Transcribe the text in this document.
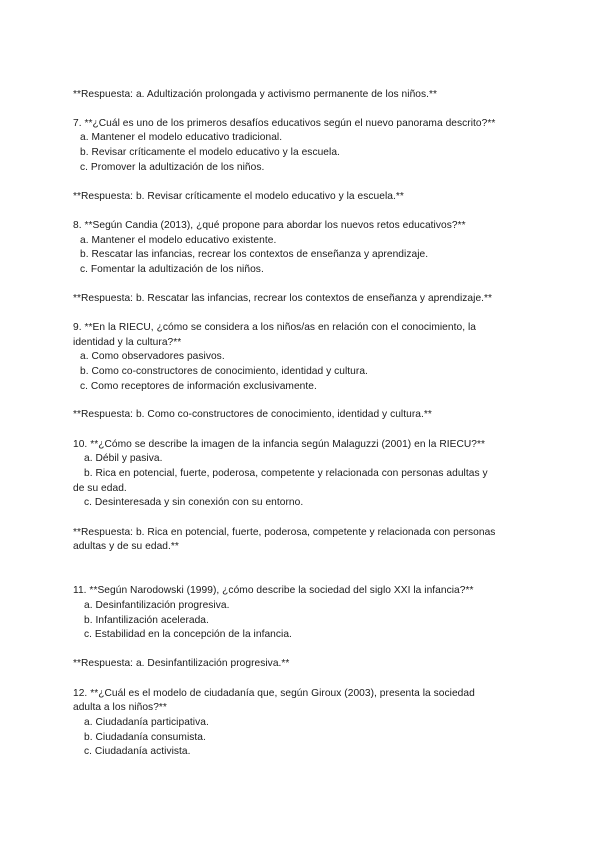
**Respuesta: a. Adultización prolongada y activismo permanente de los niños.**
7. **¿Cuál es uno de los primeros desafíos educativos según el nuevo panorama descrito?**
a. Mantener el modelo educativo tradicional.
b. Revisar críticamente el modelo educativo y la escuela.
c. Promover la adultización de los niños.
**Respuesta: b. Revisar críticamente el modelo educativo y la escuela.**
8. **Según Candia (2013), ¿qué propone para abordar los nuevos retos educativos?**
a. Mantener el modelo educativo existente.
b. Rescatar las infancias, recrear los contextos de enseñanza y aprendizaje.
c. Fomentar la adultización de los niños.
**Respuesta: b. Rescatar las infancias, recrear los contextos de enseñanza y aprendizaje.**
9. **En la RIECU, ¿cómo se considera a los niños/as en relación con el conocimiento, la
identidad y la cultura?**
a. Como observadores pasivos.
b. Como co-constructores de conocimiento, identidad y cultura.
c. Como receptores de información exclusivamente.
**Respuesta: b. Como co-constructores de conocimiento, identidad y cultura.**
10. **¿Cómo se describe la imagen de la infancia según Malaguzzi (2001) en la RIECU?**
a. Débil y pasiva.
b. Rica en potencial, fuerte, poderosa, competente y relacionada con personas adultas y
de su edad.
c. Desinteresada y sin conexión con su entorno.
**Respuesta: b. Rica en potencial, fuerte, poderosa, competente y relacionada con personas
adultas y de su edad.**
11. **Según Narodowski (1999), ¿cómo describe la sociedad del siglo XXI la infancia?**
a. Desinfantilización progresiva.
b. Infantilización acelerada.
c. Estabilidad en la concepción de la infancia.
**Respuesta: a. Desinfantilización progresiva.**
12. **¿Cuál es el modelo de ciudadanía que, según Giroux (2003), presenta la sociedad
adulta a los niños?**
a. Ciudadanía participativa.
b. Ciudadanía consumista.
c. Ciudadanía activista.
